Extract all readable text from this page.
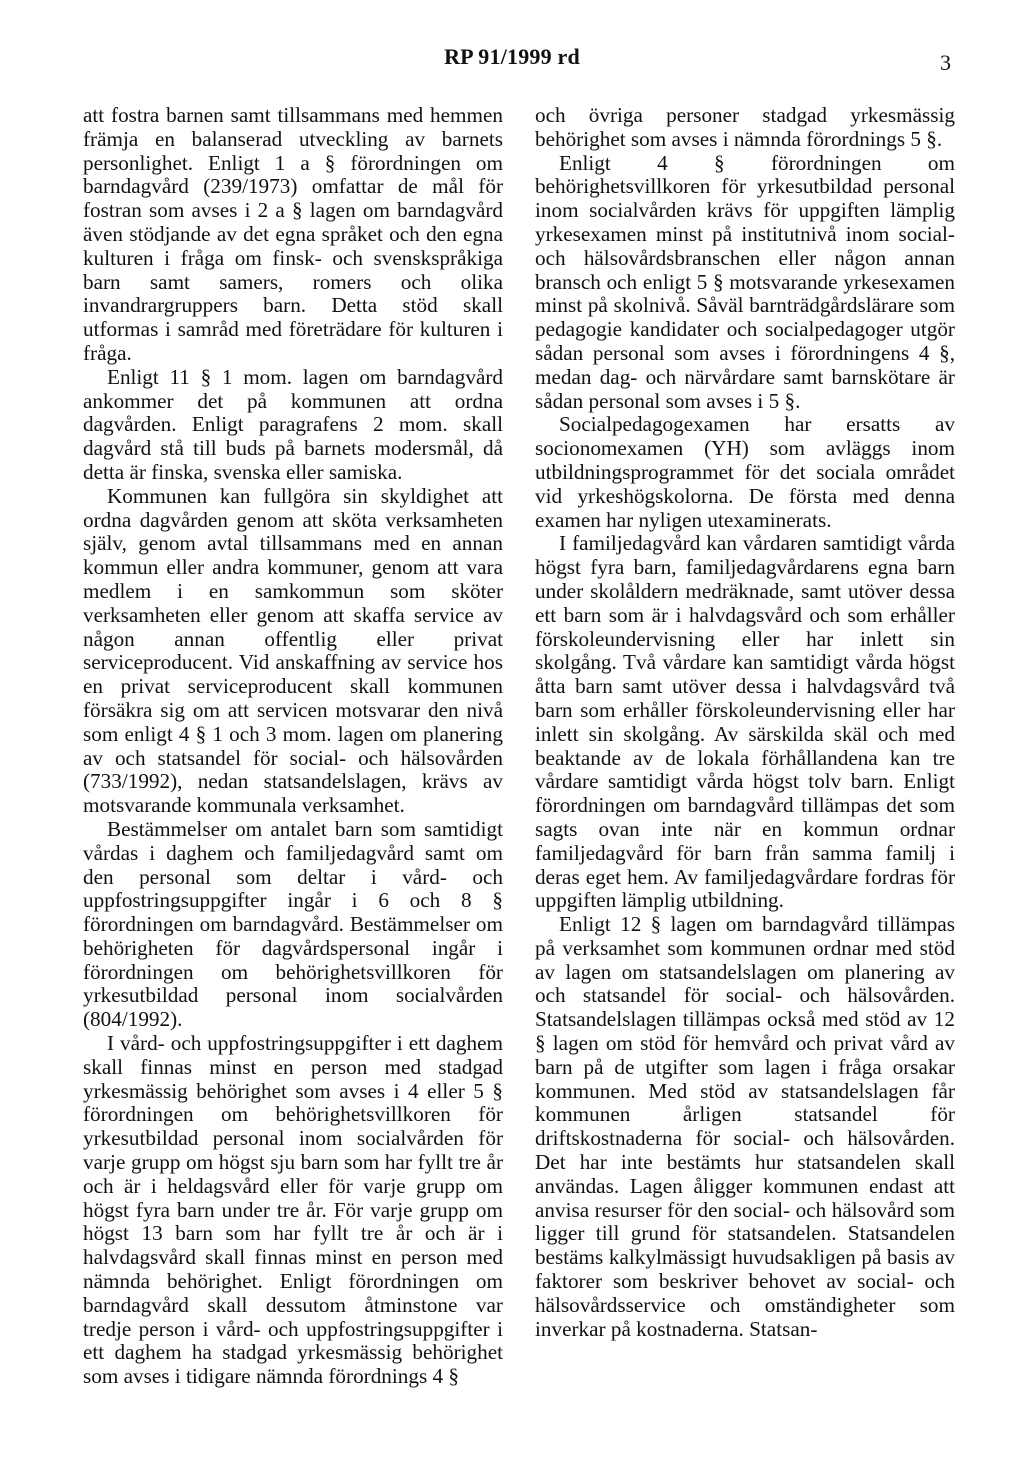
RP 91/1999 rd	3

att fostra barnen samt tillsammans med hemmen främja en balanserad utveckling av barnets personlighet. Enligt 1 a § förordningen om barndagvård (239/1973) omfattar de mål för fostran som avses i 2 a § lagen om barndagvård även stödjande av det egna språket och den egna kulturen i fråga om finsk- och svenskspråkiga barn samt samers, romers och olika invandrargruppers barn. Detta stöd skall utformas i samråd med företrädare för kulturen i fråga.

Enligt 11 § 1 mom. lagen om barndagvård ankommer det på kommunen att ordna dagvården. Enligt paragrafens 2 mom. skall dagvård stå till buds på barnets modersmål, då detta är finska, svenska eller samiska.

Kommunen kan fullgöra sin skyldighet att ordna dagvården genom att sköta verksamheten själv, genom avtal tillsammans med en annan kommun eller andra kommuner, genom att vara medlem i en samkommun som sköter verksamheten eller genom att skaffa service av någon annan offentlig eller privat serviceproducent. Vid anskaffning av service hos en privat serviceproducent skall kommunen försäkra sig om att servicen motsvarar den nivå som enligt 4 § 1 och 3 mom. lagen om planering av och statsandel för social- och hälsovården (733/1992), nedan statsandelslagen, krävs av motsvarande kommunala verksamhet.

Bestämmelser om antalet barn som samtidigt vårdas i daghem och familjedagvård samt om den personal som deltar i vård- och uppfostringsuppgifter ingår i 6 och 8 § förordningen om barndagvård. Bestämmelser om behörigheten för dagvårdspersonal ingår i förordningen om behörighetsvillkoren för yrkesutbildad personal inom socialvården (804/1992).

I vård- och uppfostringsuppgifter i ett daghem skall finnas minst en person med stadgad yrkesmässig behörighet som avses i 4 eller 5 § förordningen om behörighetsvillkoren för yrkesutbildad personal inom socialvården för varje grupp om högst sju barn som har fyllt tre år och är i heldagsvård eller för varje grupp om högst fyra barn under tre år. För varje grupp om högst 13 barn som har fyllt tre år och är i halvdagsvård skall finnas minst en person med nämnda behörighet. Enligt förordningen om barndagvård skall dessutom åtminstone var tredje person i vård- och uppfostringsuppgifter i ett daghem ha stadgad yrkesmässig behörighet som avses i tidigare nämnda förordnings 4 §

och övriga personer stadgad yrkesmässig behörighet som avses i nämnda förordnings 5 §.

Enligt 4 § förordningen om behörighetsvillkoren för yrkesutbildad personal inom socialvården krävs för uppgiften lämplig yrkesexamen minst på institutnivå inom social- och hälsovårdsbranschen eller någon annan bransch och enligt 5 § motsvarande yrkesexamen minst på skolnivå. Såväl barnträdgårdslärare som pedagogie kandidater och socialpedagoger utgör sådan personal som avses i förordningens 4 §, medan dag- och närvårdare samt barnskötare är sådan personal som avses i 5 §.

Socialpedagogexamen har ersatts av socionomexamen (YH) som avläggs inom utbildningsprogrammet för det sociala området vid yrkeshögskolorna. De första med denna examen har nyligen utexaminerats.

I familjedagvård kan vårdaren samtidigt vårda högst fyra barn, familjedagvårdarens egna barn under skolåldern medräknade, samt utöver dessa ett barn som är i halvdagsvård och som erhåller förskoleundervisning eller har inlett sin skolgång. Två vårdare kan samtidigt vårda högst åtta barn samt utöver dessa i halvdagsvård två barn som erhåller förskoleundervisning eller har inlett sin skolgång. Av särskilda skäl och med beaktande av de lokala förhållandena kan tre vårdare samtidigt vårda högst tolv barn. Enligt förordningen om barndagvård tillämpas det som sagts ovan inte när en kommun ordnar familjedagvård för barn från samma familj i deras eget hem. Av familjedagvårdare fordras för uppgiften lämplig utbildning.

Enligt 12 § lagen om barndagvård tillämpas på verksamhet som kommunen ordnar med stöd av lagen om statsandelslagen om planering av och statsandel för social- och hälsovården. Statsandelslagen tillämpas också med stöd av 12 § lagen om stöd för hemvård och privat vård av barn på de utgifter som lagen i fråga orsakar kommunen. Med stöd av statsandelslagen får kommunen årligen statsandel för driftskostnaderna för social- och hälsovården. Det har inte bestämts hur statsandelen skall användas. Lagen åligger kommunen endast att anvisa resurser för den social- och hälsovård som ligger till grund för statsandelen. Statsandelen bestäms kalkylmässigt huvudsakligen på basis av faktorer som beskriver behovet av social- och hälsovårdsservice och omständigheter som inverkar på kostnaderna. Statsan-
